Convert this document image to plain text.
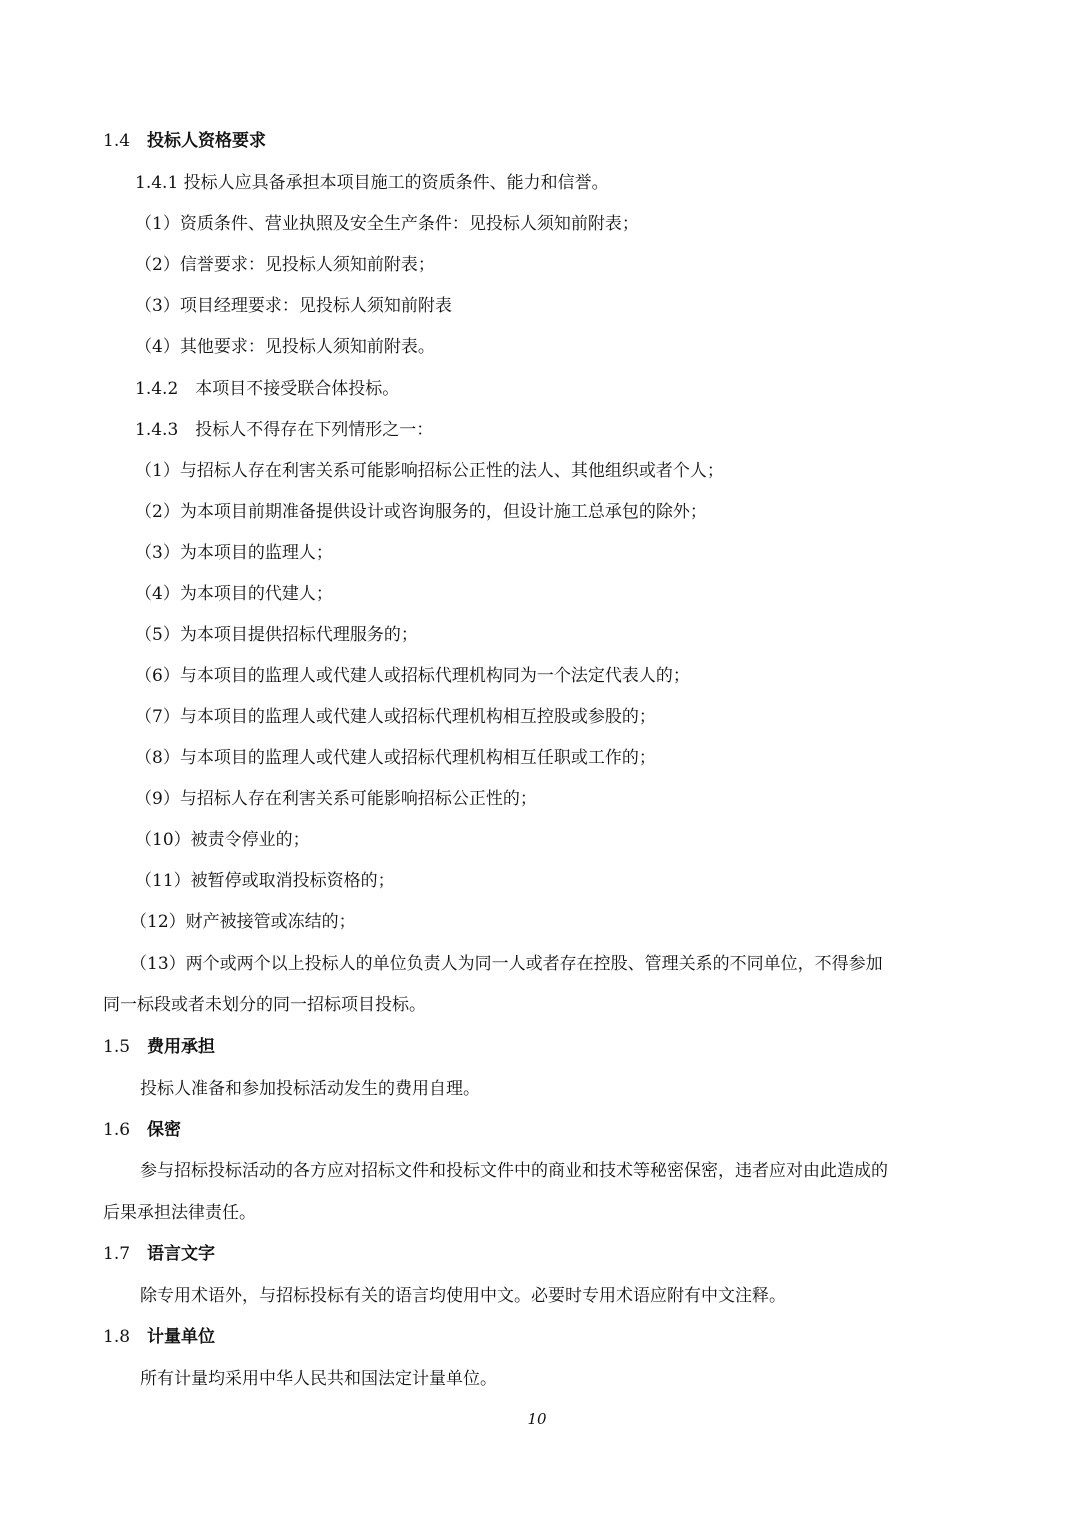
1.4 投标人资格要求
1.4.1 投标人应具备承担本项目施工的资质条件、能力和信誉。
（1）资质条件、营业执照及安全生产条件：见投标人须知前附表；
（2）信誉要求：见投标人须知前附表；
（3）项目经理要求：见投标人须知前附表
（4）其他要求：见投标人须知前附表。
1.4.2　本项目不接受联合体投标。
1.4.3　投标人不得存在下列情形之一：
（1）与招标人存在利害关系可能影响招标公正性的法人、其他组织或者个人；
（2）为本项目前期准备提供设计或咨询服务的，但设计施工总承包的除外；
（3）为本项目的监理人；
（4）为本项目的代建人；
（5）为本项目提供招标代理服务的；
（6）与本项目的监理人或代建人或招标代理机构同为一个法定代表人的；
（7）与本项目的监理人或代建人或招标代理机构相互控股或参股的；
（8）与本项目的监理人或代建人或招标代理机构相互任职或工作的；
（9）与招标人存在利害关系可能影响招标公正性的；
（10）被责令停业的；
（11）被暂停或取消投标资格的；
（12）财产被接管或冻结的；
（13）两个或两个以上投标人的单位负责人为同一人或者存在控股、管理关系的不同单位，不得参加
同一标段或者未划分的同一招标项目投标。
1.5 费用承担
投标人准备和参加投标活动发生的费用自理。
1.6 保密
参与招标投标活动的各方应对招标文件和投标文件中的商业和技术等秘密保密，违者应对由此造成的
后果承担法律责任。
1.7 语言文字
除专用术语外，与招标投标有关的语言均使用中文。必要时专用术语应附有中文注释。
1.8 计量单位
所有计量均采用中华人民共和国法定计量单位。
10
